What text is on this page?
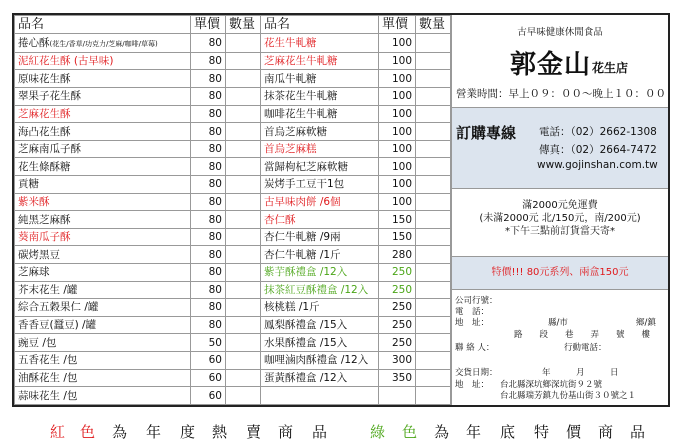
品名	單價	數量	品名	單價	數量
捲心酥(花生/香草/功克力/芝麻/咖啡/草莓)	80		花生牛軋糖	100	
泥紅花生酥 (古早味)	80		芝麻花生牛軋糖	100	
原味花生酥	80		南瓜牛軋糖	100	
翠果子花生酥	80		抹茶花生牛軋糖	100	
芝麻花生酥	80		咖啡花生牛軋糖	100	
海凸花生酥	80		首烏芝麻軟糖	100	
芝麻南瓜子酥	80		首烏芝麻糕	100	
花生條酥糖	80		當歸枸杞芝麻軟糖	100	
貢糖	80		炭烤手工豆干1包	100	
紫米酥	80		古早味肉餅 /6個	100	
純黑芝麻酥	80		杏仁酥	150	
葵南瓜子酥	80		杏仁牛軋糖 /9兩	150	
碳烤黑豆	80		杏仁牛軋糖 /1斤	280	
芝麻球	80		紫芋酥禮盒 /12入	250	
芥末花生 /罐	80		抹茶紅豆酥禮盒 /12入	250	
綜合五穀果仁 /罐	80		核桃糕 /1斤	250	
香香豆(蠶豆) /罐	80		鳳梨酥禮盒 /15入	250	
豌豆 /包	50		水果酥禮盒 /15入	250	
五香花生 /包	60		咖哩滷肉酥禮盒 /12入	300	
油酥花生 /包	60		蛋黃酥禮盒 /12入	350	
蒜味花生 /包	60				
古早味健康休閒食品
郭金山 花生店
營業時間：早上０９：００～晚上１０：００
訂購專線 電話：（02）2662-1308
傳真：（02）2664-7472
www.gojinshan.com.tw
滿2000元免運費
(未滿2000元 北/150元，南/200元)
*下午三點前訂貨當天寄*
特價!!! 80元系列、兩盒150元
公司行號：
電　話：
地　址：	縣/市	鄉/鎮
路　　段　　巷　　弄　　號　　樓
聯 絡 人：	行動電話：
交貨日期：	年　　　月　　　日
地　址： 台北縣深坑鄉深坑街９２號
台北縣瑞芳鎮九份基山街３０號之１
紅 色 為 年 度 熱 賣 商 品	綠 色 為 年 底 特 價 商 品
